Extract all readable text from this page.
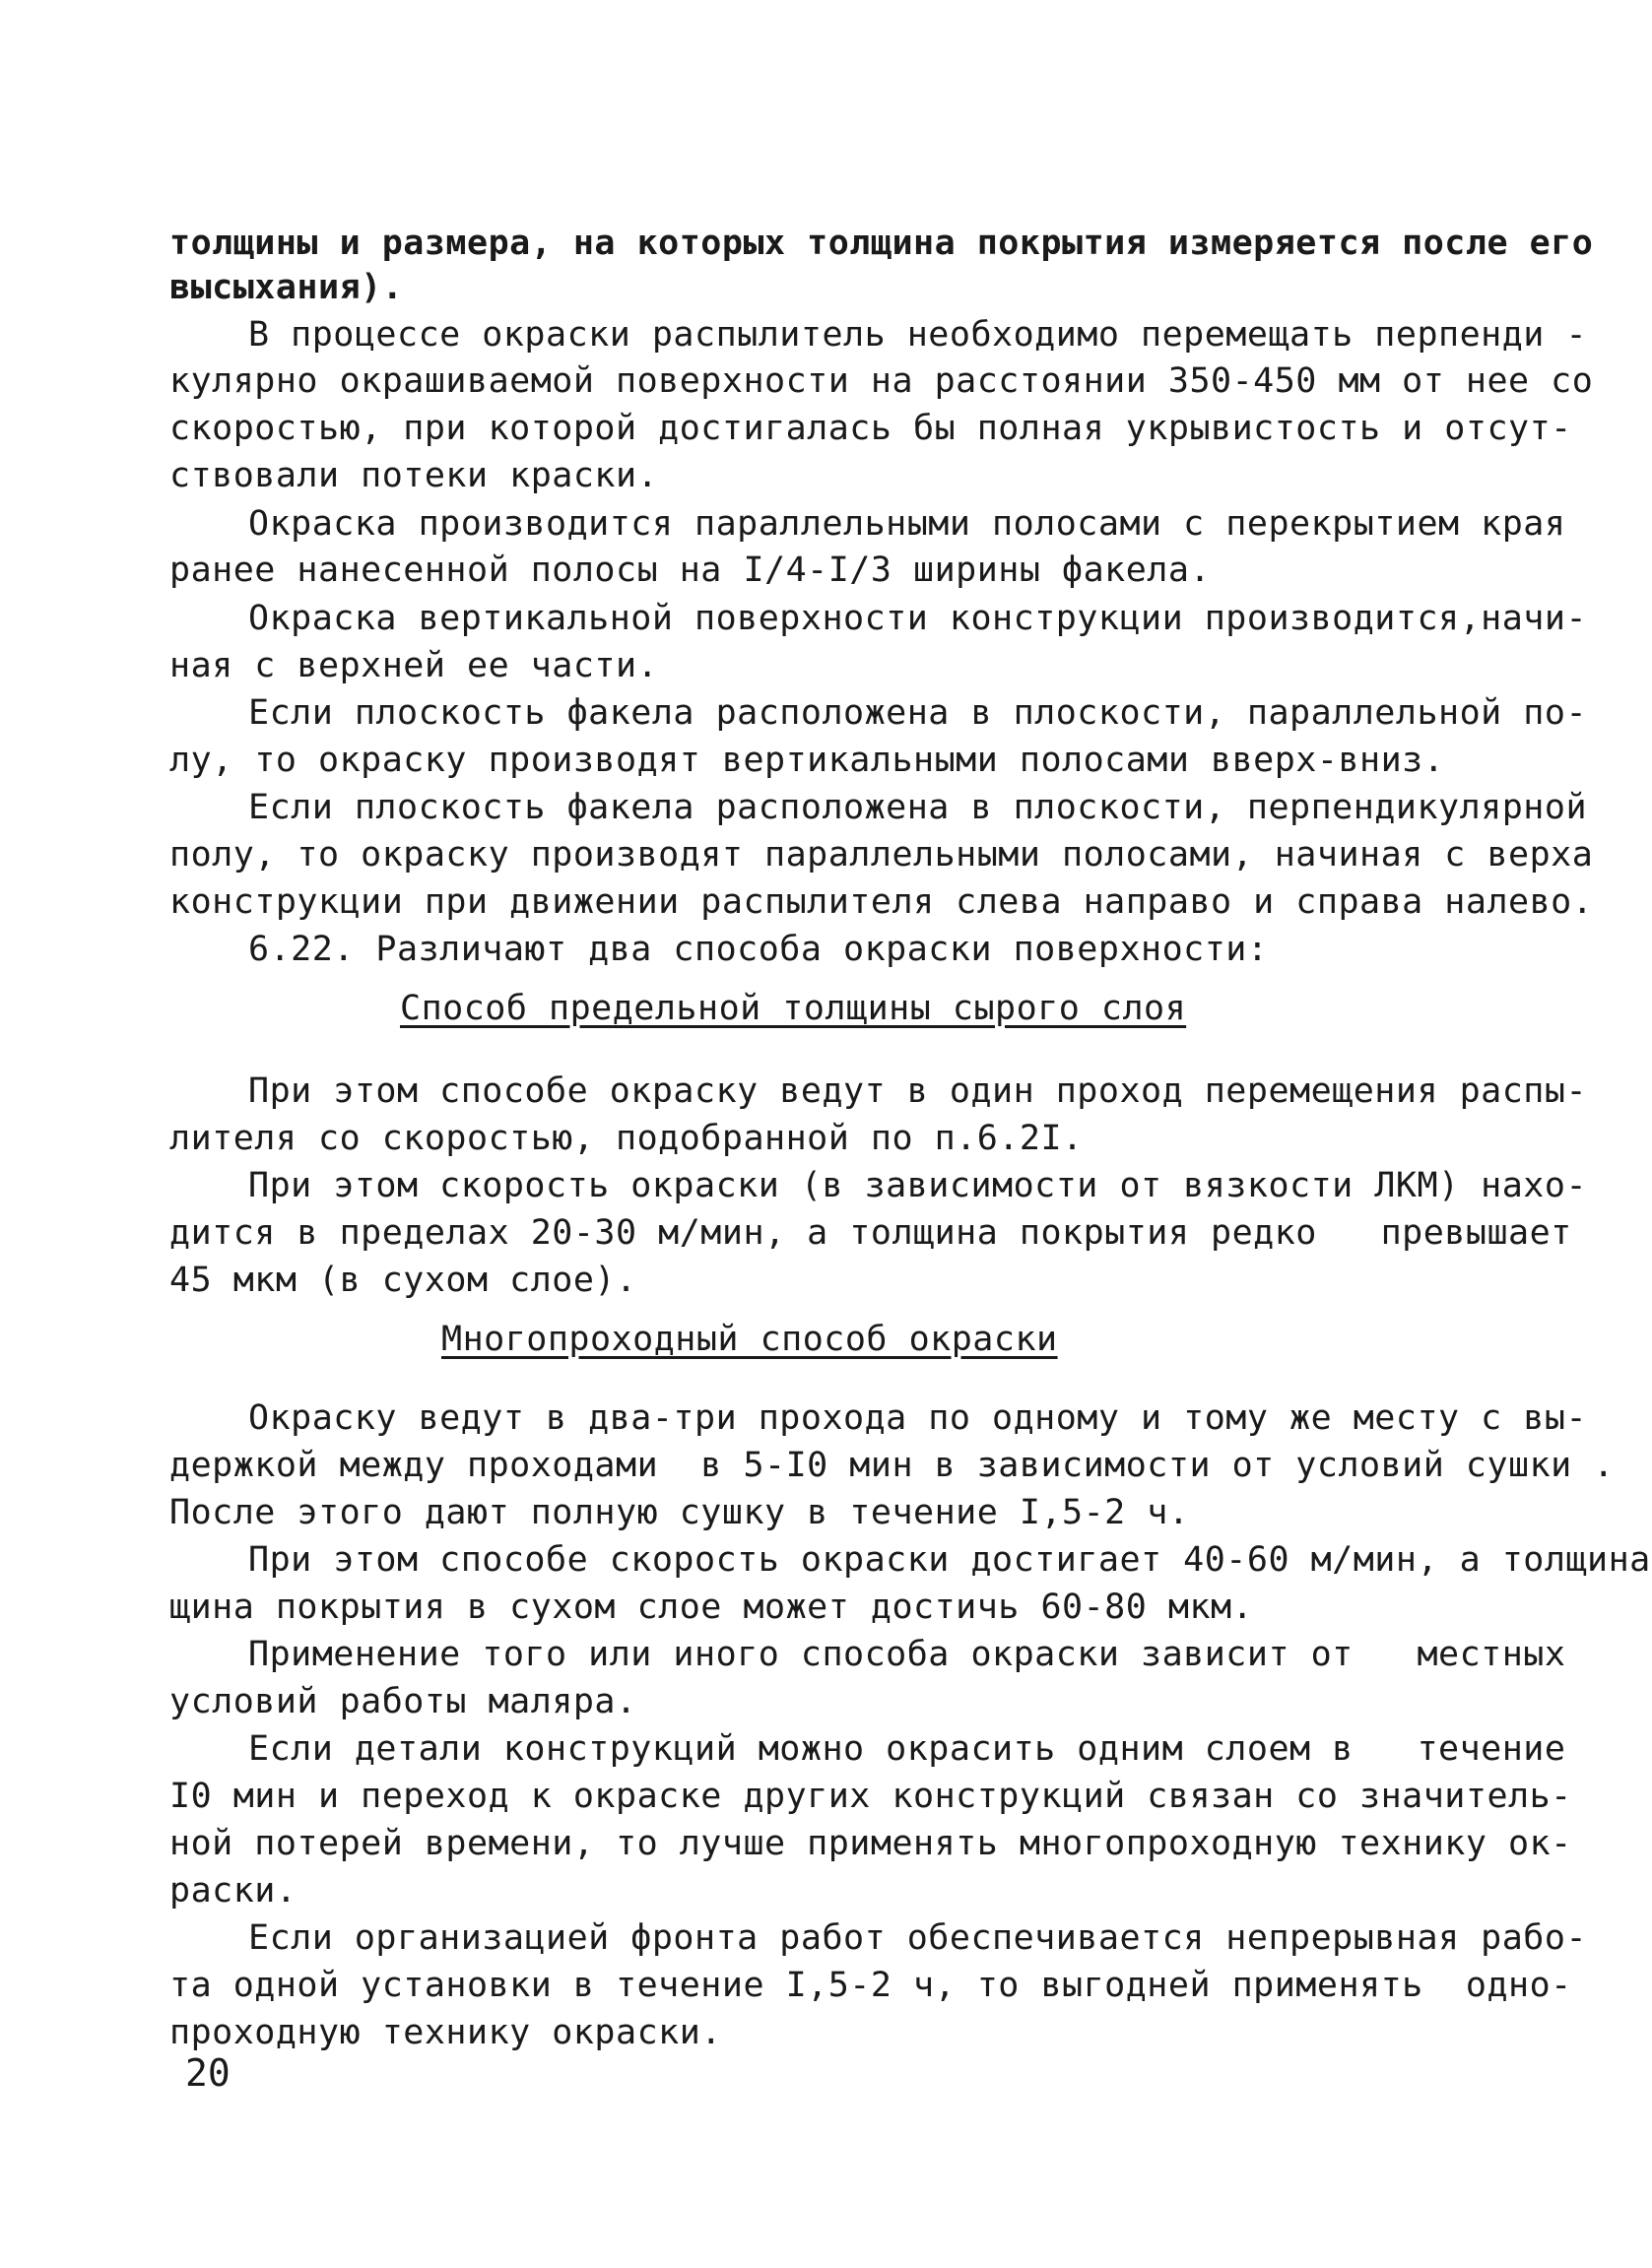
толщины и размера, на которых толщина покрытия измеряется после его
высыхания).
В процессе окраски распылитель необходимо перемещать перпенди -
кулярно окрашиваемой поверхности на расстоянии 350-450 мм от нее со
скоростью, при которой достигалась бы полная укрывистость и отсут-
ствовали потеки краски.
Окраска производится параллельными полосами с перекрытием края
ранее нанесенной полосы на I/4-I/3 ширины факела.
Окраска вертикальной поверхности конструкции производится,начи-
ная с верхней ее части.
Если плоскость факела расположена в плоскости, параллельной по-
лу, то окраску производят вертикальными полосами вверх-вниз.
Если плоскость факела расположена в плоскости, перпендикулярной
полу, то окраску производят параллельными полосами, начиная с верха
конструкции при движении распылителя слева направо и справа налево.
6.22. Различают два способа окраски поверхности:
Способ предельной толщины сырого слоя
При этом способе окраску ведут в один проход перемещения распы-
лителя со скоростью, подобранной по п.6.2I.
При этом скорость окраски (в зависимости от вязкости ЛКМ) нахо-
дится в пределах 20-30 м/мин, а толщина покрытия редко   превышает
45 мкм (в сухом слое).
Многопроходный способ окраски
Окраску ведут в два-три прохода по одному и тому же месту с вы-
держкой между проходами  в 5-I0 мин в зависимости от условий сушки .
После этого дают полную сушку в течение I,5-2 ч.
При этом способе скорость окраски достигает 40-60 м/мин, а толщина
щина покрытия в сухом слое может достичь 60-80 мкм.
Применение того или иного способа окраски зависит от   местных
условий работы маляра.
Если детали конструкций можно окрасить одним слоем в   течение
I0 мин и переход к окраске других конструкций связан со значитель-
ной потерей времени, то лучше применять многопроходную технику ок-
раски.
Если организацией фронта работ обеспечивается непрерывная рабо-
та одной установки в течение I,5-2 ч, то выгодней применять  одно-
проходную технику окраски.
20
